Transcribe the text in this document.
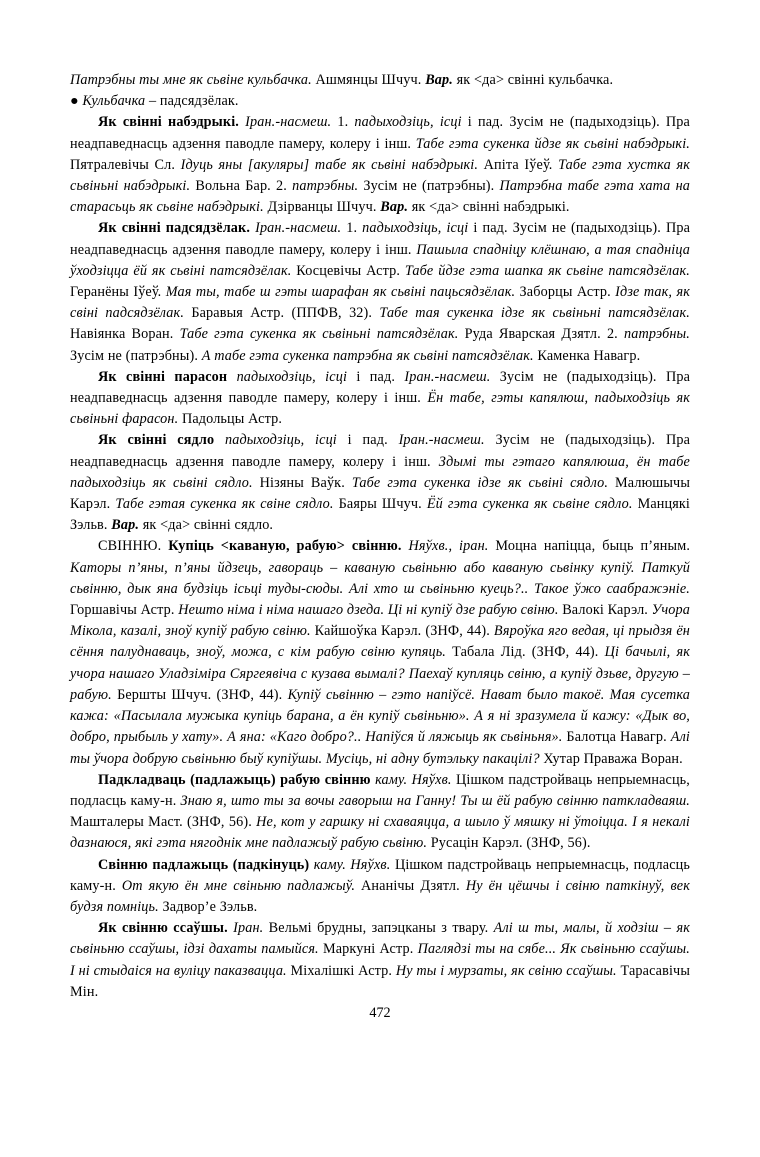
Патрэбны ты мне як сьвіне кульбачка. Ашмянцы Шчуч. Вар. як <да> свінні кульбачка.

● Кульбачка – падсядзёлак.

Як свінні набэдрыкі. Іран.-насмеш. 1. падыходзіць, ісці і пад. Зусім не (падыходзіць). Пра неадпаведнасць адзення паводле памеру, колеру і інш. Табе гэта сукенка йдзе як сьвіні набэдрыкі. Пятралевічы Сл. Ідуць яны [акуляры] табе як сьвіні набэдрыкі. Апіта Іўеў. Табе гэта хустка як сьвіньні набэдрыкі. Вольна Бар. 2. патрэбны. Зусім не (патрэбны). Патрэбна табе гэта хата на старасьць як сьвіне набэдрыкі. Дзірванцы Шчуч. Вар. як <да> свінні набэдрыкі.

Як свінні падсядзёлак. Іран.-насмеш. 1. падыходзіць, ісці і пад. Зусім не (падыходзіць). Пра неадпаведнасць адзення паводле памеру, колеру і інш. Пашыла спадніцу клёшнаю, а тая спадніца ўходзіцца ёй як сьвіні патсядзёлак. Косцевічы Астр. Табе йдзе гэта шапка як сьвіне патсядзёлак. Геранёны Іўеў. Мая ты, табе ш гэты шарафан як сьвіні пацьсядзёлак. Заборцы Астр. Ідзе так, як свіні падсядзёлак. Баравыя Астр. (ППФВ, 32). Табе тая сукенка ідзе як сьвіньні патсядзёлак. Навіянка Воран. Табе гэта сукенка як сьвіньні патсядзёлак. Руда Яварская Дзятл. 2. патрэбны. Зусім не (патрэбны). А табе гэта сукенка патрэбна як сьвіні патсядзёлак. Каменка Навагр.

Як свінні парасон падыходзіць, ісці і пад. Іран.-насмеш. Зусім не (падыходзіць). Пра неадпаведнасць адзення паводле памеру, колеру і інш. Ён табе, гэты капялюш, падыходзіць як сьвіньні фарасон. Падольцы Астр.

Як свінні сядло падыходзіць, ісці і пад. Іран.-насмеш. Зусім не (падыходзіць). Пра неадпаведнасць адзення паводле памеру, колеру і інш. Здымі ты гэтаго капялюша, ён табе падыходзіць як сьвіні сядло. Нізяны Ваўк. Табе гэта сукенка ідзе як сьвіні сядло. Малюшычы Карэл. Табе гэтая сукенка як свіне сядло. Баяры Шчуч. Ёй гэта сукенка як сьвіне сядло. Манцякі Зэльв. Вар. як <да> свінні сядло.

СВІННЮ. Купіць <каваную, рабую> свінню. Няўхв., іран. Моцна напіцца, быць п’яным. Каторы п’яны, п’яны йдзець, гавораць – каваную сьвіньню або каваную сьвінку купіў. Паткуй сьвінню, дык яна будзіць ісьці туды-сюды. Алі хто ш сьвіньню куець?.. Такое ўжо саабражэніе. Горшавічы Астр. Нешто німа і німа нашаго дзеда. Ці ні купіў дзе рабую свіню. Валокі Карэл. Учора Мікола, казалі, зноў купіў рабую свіню. Кайшоўка Карэл. (ЗНФ, 44). Вяроўка яго ведая, ці прыдзя ён сёння палуднаваць, зноў, можа, с кім рабую свіню купяць. Табала Лід. (ЗНФ, 44). Ці бачылі, як учора нашаго Уладзіміра Сяргеявіча с кузава вымалі? Паехаў купляць свіню, а купіў дзьве, другую – рабую. Бершты Шчуч. (ЗНФ, 44). Купіў сьвінню – гэто напіўсё. Нават было такоё. Мая сусетка кажа: «Пасылала мужыка купіць барана, а ён купіў сьвіньню». А я ні зразумела й кажу: «Дык во, добро, прыбыль у хату». А яна: «Каго добро?.. Напіўся й ляжыць як сьвіньня». Балотца Навагр. Алі ты ўчора добрую сьвіньню быў купіўшы. Мусіць, ні адну бутэльку пакацілі? Хутар Праважа Воран.

Падкладваць (падлажыць) рабую свінню каму. Няўхв. Цішком падстройваць непрыемнасць, подласць каму-н. Знаю я, што ты за вочы гаворыш на Ганну! Ты ш ёй рабую свінню паткладваяш. Машталеры Маст. (ЗНФ, 56). Не, кот у гаршку ні схаваяцца, а шыло ў мяшку ні ўтоіцца. І я некалі дазнаюся, які гэта нягоднік мне падлажыў рабую сьвіню. Русацін Карэл. (ЗНФ, 56).

Свінню падлажыць (падкінуць) каму. Няўхв. Цішком падстройваць непрыемнасць, подласць каму-н. От якую ён мне свіньню падлажыў. Ананічы Дзятл. Ну ён цёшчы і свіню паткінуў, век будзя помніць. Задвор’е Зэльв.

Як свінню ссаўшы. Іран. Вельмі брудны, запэцканы з твару. Алі ш ты, малы, й ходзіш – як сьвіньню ссаўшы, ідзі дахаты памыйся. Маркуні Астр. Паглядзі ты на сябе... Як сьвіньню ссаўшы. І ні стыдаіся на вуліцу паказвацца. Міхалішкі Астр. Ну ты і мурзаты, як свіню ссаўшы. Тарасавічы Мін.

472
